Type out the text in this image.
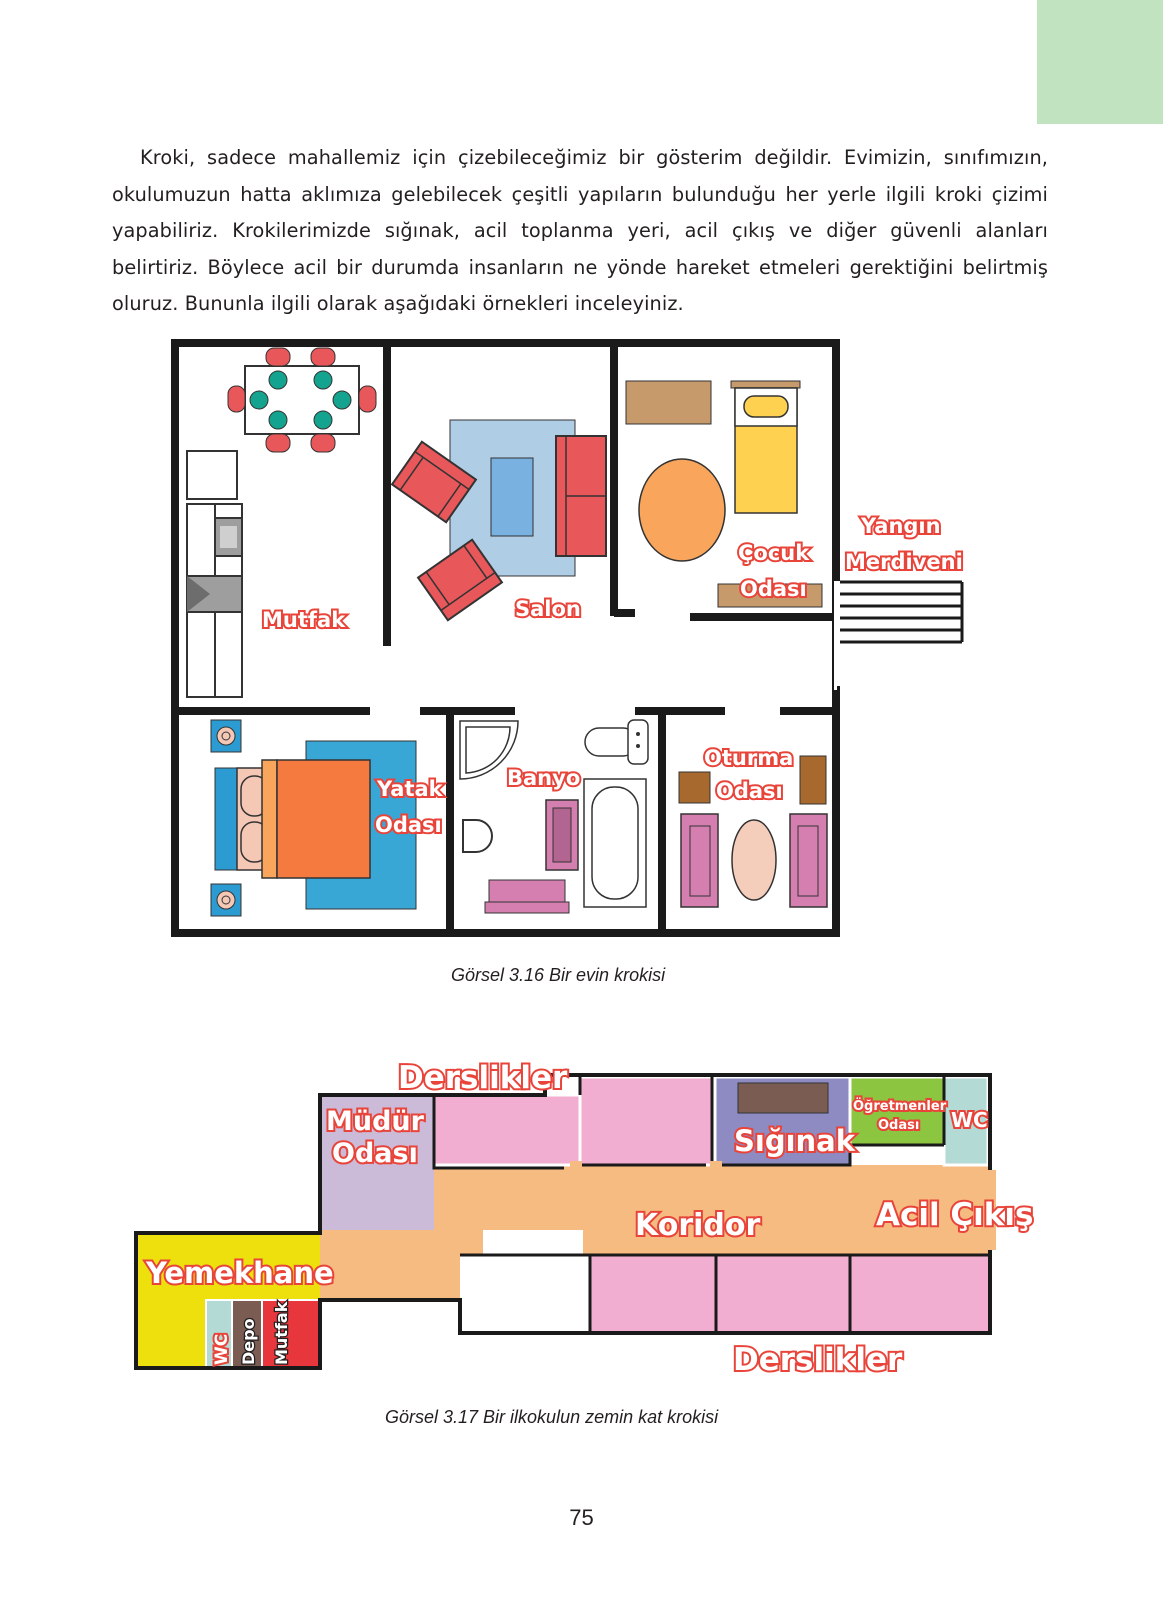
Kroki, sadece mahallemiz için çizebileceğimiz bir gösterim değildir. Evimizin, sınıfımızın, okulumuzun hatta aklımıza gelebilecek çeşitli yapıların bulunduğu her yerle ilgili kroki çizimi yapabiliriz. Krokilerimizde sığınak, acil toplanma yeri, acil çıkış ve diğer güvenli alanları belirtiriz. Böylece acil bir durumda insanların ne yönde hareket etmeleri gerektiğini belirtmiş oluruz. Bununla ilgili olarak aşağıdaki örnekleri inceleyiniz.

Mutfak	Salon
Çocuk
Odası
Yangın
Merdiveni
Yatak
Odası
Banyo
Oturma
Odası
Görsel 3.16 Bir evin krokisi
Derslikler
Müdür
Odası	Sığınak
Öğretmenler
Odası WC
Koridor	Acil Çıkış
Yemekhane
WC Depo Mutfak	Derslikler
Görsel 3.17 Bir ilkokulun zemin kat krokisi
75
